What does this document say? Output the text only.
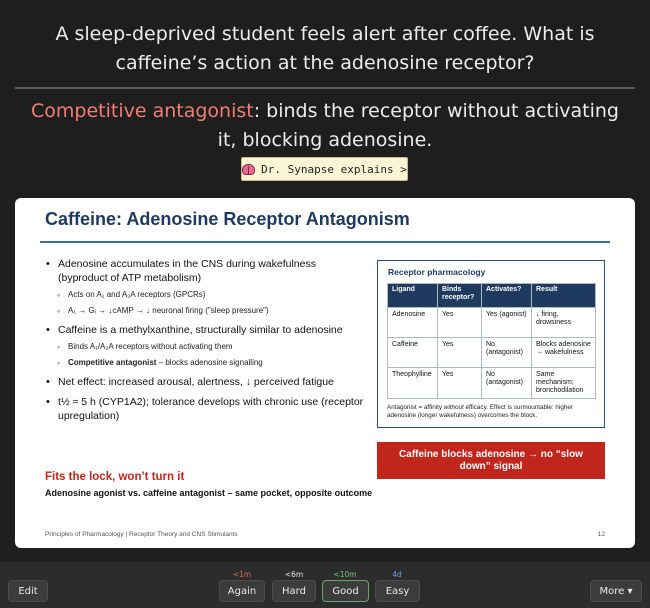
A sleep-deprived student feels alert after coffee. What is caffeine’s action at the adenosine receptor?
Competitive antagonist: binds the receptor without activating it, blocking adenosine.
Dr. Synapse explains >
Caffeine: Adenosine Receptor Antagonism
• Adenosine accumulates in the CNS during wakefulness (byproduct of ATP metabolism)
◦ Acts on A₁ and A₂A receptors (GPCRs)
◦ A₁ → Gᵢ → ↓cAMP → ↓ neuronal firing ("sleep pressure")
• Caffeine is a methylxanthine, structurally similar to adenosine
◦ Binds A₁/A₂A receptors without activating them
◦ Competitive antagonist – blocks adenosine signalling
• Net effect: increased arousal, alertness, ↓ perceived fatigue
• t½ ≈ 5 h (CYP1A2); tolerance develops with chronic use (receptor upregulation)
Receptor pharmacology
Ligand	Binds receptor?	Activates?	Result
Adenosine	Yes	Yes (agonist)	↓ firing, drowsiness
Caffeine	Yes	No (antagonist)	Blocks adenosine → wakefulness
Theophylline	Yes	No (antagonist)	Same mechanism; bronchodilation
Antagonist = affinity without efficacy. Effect is surmountable: higher adenosine (longer wakefulness) overcomes the block.
Caffeine blocks adenosine → no “slow down” signal
Fits the lock, won’t turn it
Adenosine agonist vs. caffeine antagonist – same pocket, opposite outcome
Principles of Pharmacology | Receptor Theory and CNS Stimulants	12
Edit
<1m
Again
<6m
Hard
<10m
Good
4d
Easy	More ▾
